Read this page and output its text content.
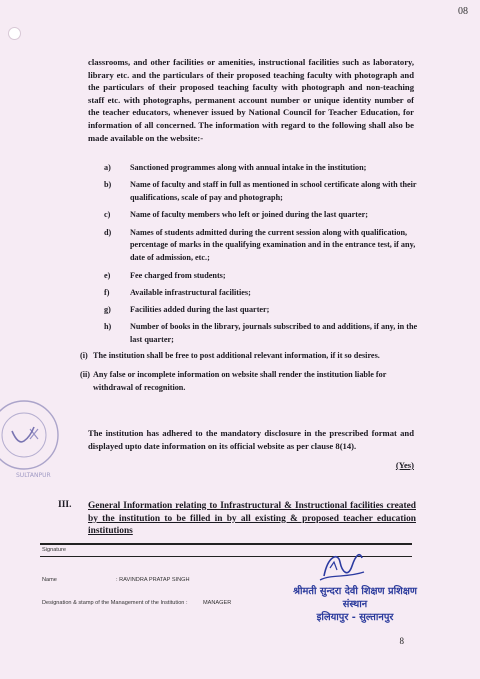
08

classrooms, and other facilities or amenities, instructional facilities such as laboratory, library etc. and the particulars of their proposed teaching faculty with photograph and the particulars of their proposed teaching faculty with photograph and non-teaching staff etc. with photographs, permanent account number or unique identity number of the teacher educators, whenever issued by National Council for Teacher Education, for information of all concerned. The information with regard to the following shall also be made available on the website:-

a)	Sanctioned programmes along with annual intake in the institution;
b)	Name of faculty and staff in full as mentioned in school certificate along with their qualifications, scale of pay and photograph;
c)	Name of faculty members who left or joined during the last quarter;
d)	Names of students admitted during the current session along with qualification, percentage of marks in the qualifying examination and in the entrance test, if any, date of admission, etc.;
e)	Fee charged from students;
f)	Available infrastructural facilities;
g)	Facilities added during the last quarter;
h)	Number of books in the library, journals subscribed to and additions, if any, in the last quarter;
(i) The institution shall be free to post additional relevant information, if it so desires.
(ii) Any false or incomplete information on website shall render the institution liable for withdrawal of recognition.
SULTANPUR

The institution has adhered to the mandatory disclosure in the prescribed format and displayed upto date information on its official website as per clause 8(14).

(Yes)
III. General Information relating to Infrastructural & Instructional facilities created by the institution to be filled in by all existing & proposed teacher education institutions
Signature
Name	: RAVINDRA PRATAP SINGH
Designation & stamp of the Management of the Institution :	MANAGER
श्रीमती सुन्दरा देवी शिक्षण प्रशिक्षण संस्थान
इलियापुर - सुल्तानपुर
8
